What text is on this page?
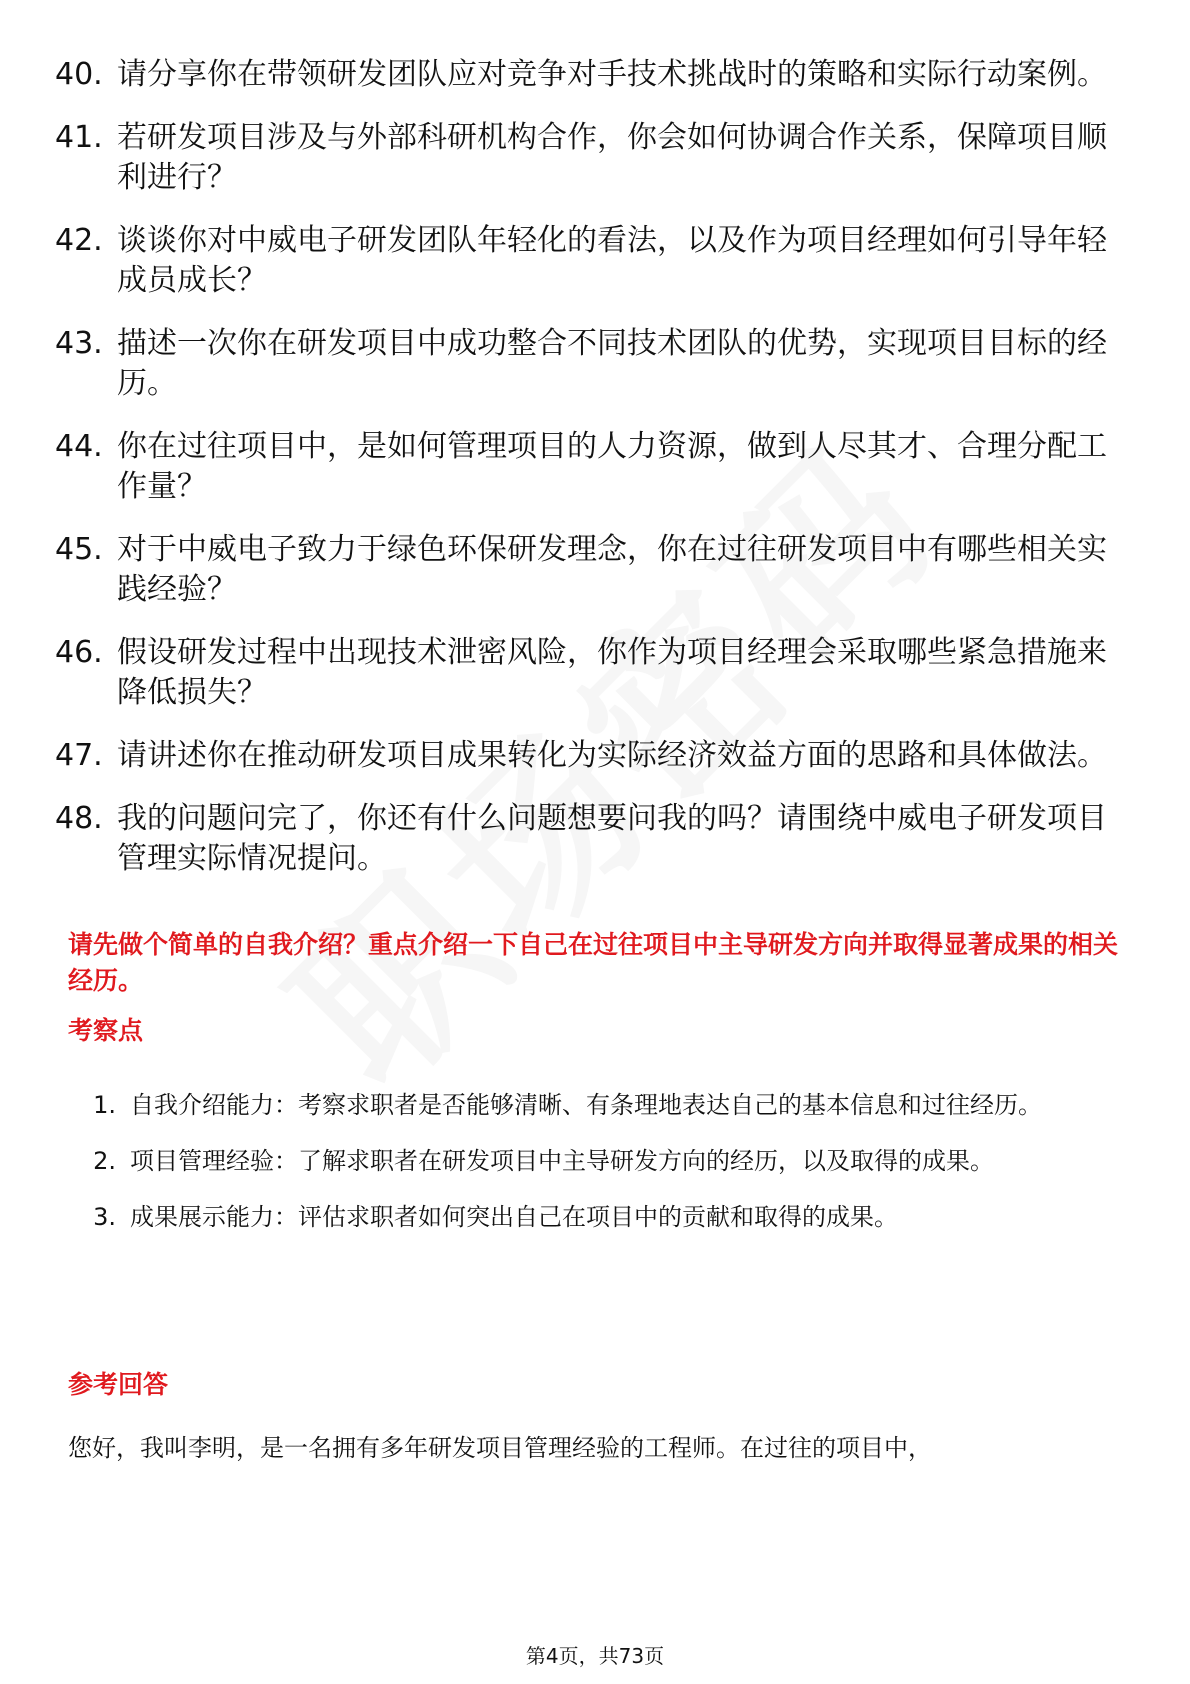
40. 请分享你在带领研发团队应对竞争对手技术挑战时的策略和实际行动案例。
41. 若研发项目涉及与外部科研机构合作，你会如何协调合作关系，保障项目顺利进行？
42. 谈谈你对中威电子研发团队年轻化的看法，以及作为项目经理如何引导年轻成员成长？
43. 描述一次你在研发项目中成功整合不同技术团队的优势，实现项目目标的经历。
44. 你在过往项目中，是如何管理项目的人力资源，做到人尽其才、合理分配工作量？
45. 对于中威电子致力于绿色环保研发理念，你在过往研发项目中有哪些相关实践经验？
46. 假设研发过程中出现技术泄密风险，你作为项目经理会采取哪些紧急措施来降低损失？
47. 请讲述你在推动研发项目成果转化为实际经济效益方面的思路和具体做法。
48. 我的问题问完了，你还有什么问题想要问我的吗？请围绕中威电子研发项目管理实际情况提问。
请先做个简单的自我介绍？重点介绍一下自己在过往项目中主导研发方向并取得显著成果的相关经历。
考察点
1. 自我介绍能力：考察求职者是否能够清晰、有条理地表达自己的基本信息和过往经历。
2. 项目管理经验：了解求职者在研发项目中主导研发方向的经历，以及取得的成果。
3. 成果展示能力：评估求职者如何突出自己在项目中的贡献和取得的成果。
参考回答
您好，我叫李明，是一名拥有多年研发项目管理经验的工程师。在过往的项目中，
第4页，共73页
